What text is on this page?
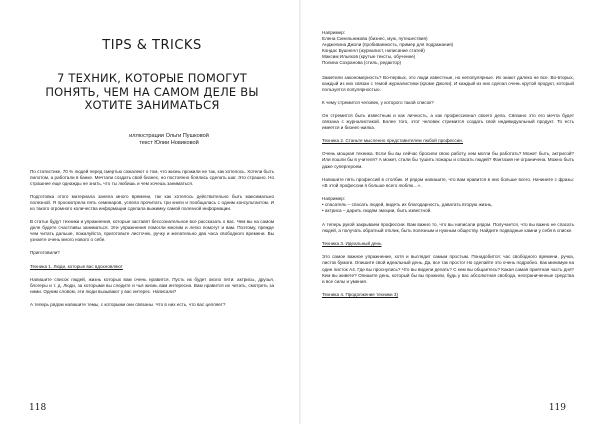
TIPS & TRICKS
7 ТЕХНИК, КОТОРЫЕ ПОМОГУТ ПОНЯТЬ, ЧЕМ НА САМОМ ДЕЛЕ ВЫ ХОТИТЕ ЗАНИМАТЬСЯ
иллюстрации Ольги Пушковой
текст Юлии Новиковой

По статистике, 70 % людей перед смертью сожалеют о том, что жизнь прожили не так, как хотелось. Хотели быть пилотом, а работали в банке. Мечтали создать свой бизнес, но постоянно боялись сделать шаг. Это страшно. Но страшнее еще однажды не знать, что ты любишь и чем хочешь заниматься.

Подготовка этого материала заняла много времени, так как хотелось действительно быть максимально полезной. Я просмотрела пять семинаров, успела прочитать три книги и пообщалась с одним консультантом. И из такого огромного количества информации сделала выжимку самой полезной информации.

В статье будут техники и упражнения, которые заставят бессознательное все рассказать о вас. Чем вы на самом деле будете счастливы заниматься. Эти упражнения помогли многим и легко помогут и вам. Поэтому, прежде чем читать дальше, пожалуйста, приготовьте листочек, ручку и желательно два часа свободного времени. Вы узнаете очень много нового о себе.

Приготовили?

Техника 1. Люди, которые вас вдохновляют

Напишите список людей, жизнь которых вам очень нравится. Пусть их будет около пяти: актрисы, друзья, блогеры и т. д. Люди, за которыми вы следите и чья жизнь вам интересна. Вам нравится их читать, смотреть за ними. Одним словом, эти люди вызывают у вас интерес. Написали?

А теперь рядом напишите темы, с которыми они связаны. Что в них есть, что вас цепляет?

118
Например:
Елена Синельникова (бизнес, муж, путешествия)
Анджелина Джоли (пробиваемость, пример для подражания)
Кондас Бушнелл (журналист, написание статей)
Максим Ильяхов (крутые тексты, обучение)
Полина Сохранова (стиль, редактор)

Заметили закономерность? Во-первых, это люди известные, но непопулярные. Их знают далеко не все. Во-вторых, каждый из них связан с темой журналистики (кроме Джоли). И каждый из них сделал очень крутой продукт, который пользуется популярностью.

К чему стремится человек, у которого такой список?

Он стремится быть известным и как личность, а как профессионал своего дела. Связано это его мечта будет связана с журналистикой. Более того, этот человек стремится создать свой индивидуальный продукт. То есть имеется и бизнес-жилка.

Техника 2. Станьте мысленно представителем любой профессии.

Очень мощная техника. Если бы вы сейчас бросили свою работу, кем могли бы работать? Может быть, актрисой? Или пошли бы в учителя? А может, стали бы тушить пожары и спасать людей? Фантазия не ограничена. Можно быть даже супергероем.

Напишите пять профессий в столбик. И рядом напишите, что вам нравится в них больше всего. Начините с фразы: «В этой профессии я больше всего люблю…».

Например:
• спасатель – спасать людей, видеть их благодарность, даватать вторую жизнь,
• актриса – дарить людям эмоции, быть известной.

А теперь рукой закрываем профессии. Вам важно то, что вы написали рядом. Получается, что вы важно не спасать людей, а получать обратный отклик, быть полезным и нужным обществу. Найдите подводные камни у себя в списке.

Техника 3. Идеальный день

Это самое важное упражнение, хотя и выглядит самым простым. Понадобится: час свободного времени, ручка, листок бумаги. Опишите свой идеальный день. Да, все так просто! Но сделайте это очень подробно. Как минимум на один листок А4. Где вы проснулись? Что вы видели делать? С кем вы общаетесь? Какая самая приятная часть дня? Кем вы живете? Опишите день, который бы вы прожили, будь у вас абсолютная свобода, неограниченные средства и все силы и умения.

Техника 4. Продолжение техники 3)
119
